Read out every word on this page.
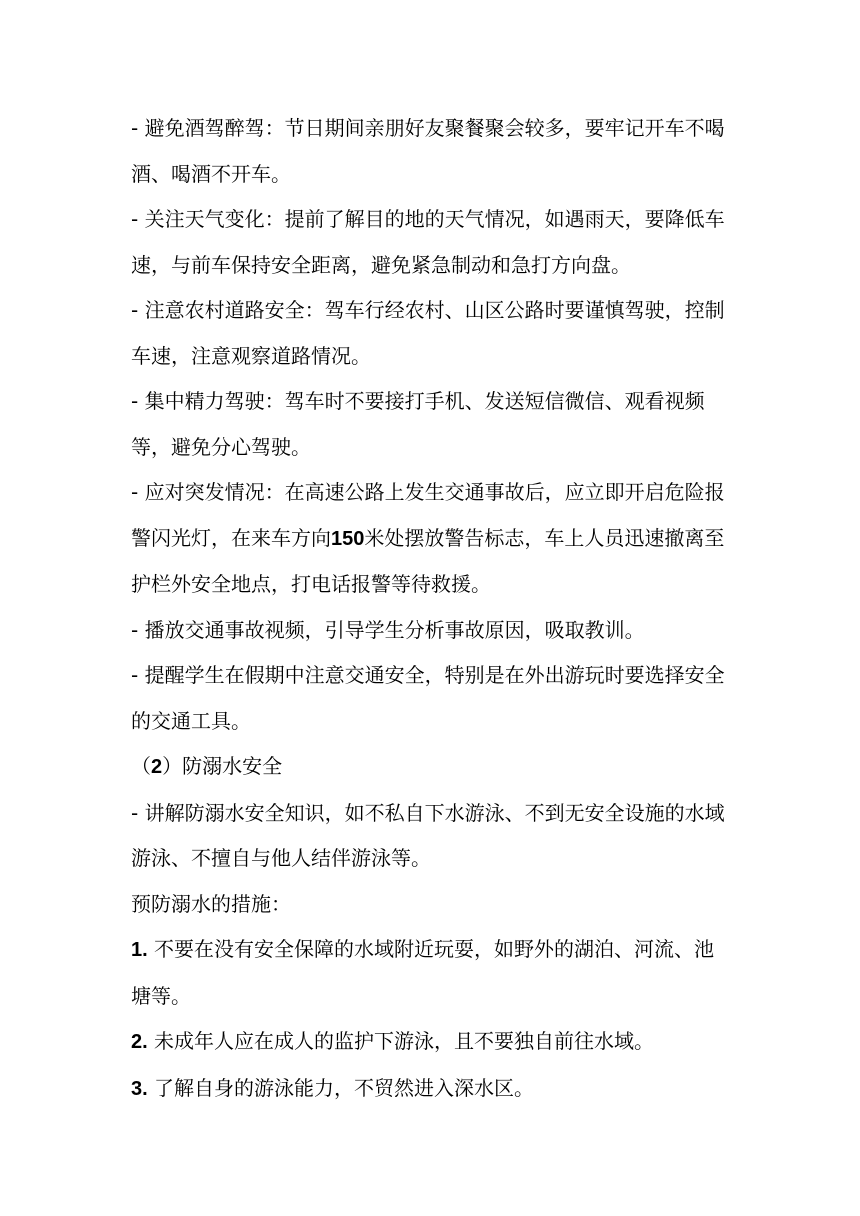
- 避免酒驾醉驾：节日期间亲朋好友聚餐聚会较多，要牢记开车不喝酒、喝酒不开车。

- 关注天气变化：提前了解目的地的天气情况，如遇雨天，要降低车速，与前车保持安全距离，避免紧急制动和急打方向盘。

- 注意农村道路安全：驾车行经农村、山区公路时要谨慎驾驶，控制车速，注意观察道路情况。

- 集中精力驾驶：驾车时不要接打手机、发送短信微信、观看视频等，避免分心驾驶。

- 应对突发情况：在高速公路上发生交通事故后，应立即开启危险报警闪光灯，在来车方向150米处摆放警告标志，车上人员迅速撤离至护栏外安全地点，打电话报警等待救援。

- 播放交通事故视频，引导学生分析事故原因，吸取教训。

- 提醒学生在假期中注意交通安全，特别是在外出游玩时要选择安全的交通工具。

（2）防溺水安全

- 讲解防溺水安全知识，如不私自下水游泳、不到无安全设施的水域游泳、不擅自与他人结伴游泳等。

预防溺水的措施：

1. 不要在没有安全保障的水域附近玩耍，如野外的湖泊、河流、池塘等。

2. 未成年人应在成人的监护下游泳，且不要独自前往水域。

3. 了解自身的游泳能力，不贸然进入深水区。
